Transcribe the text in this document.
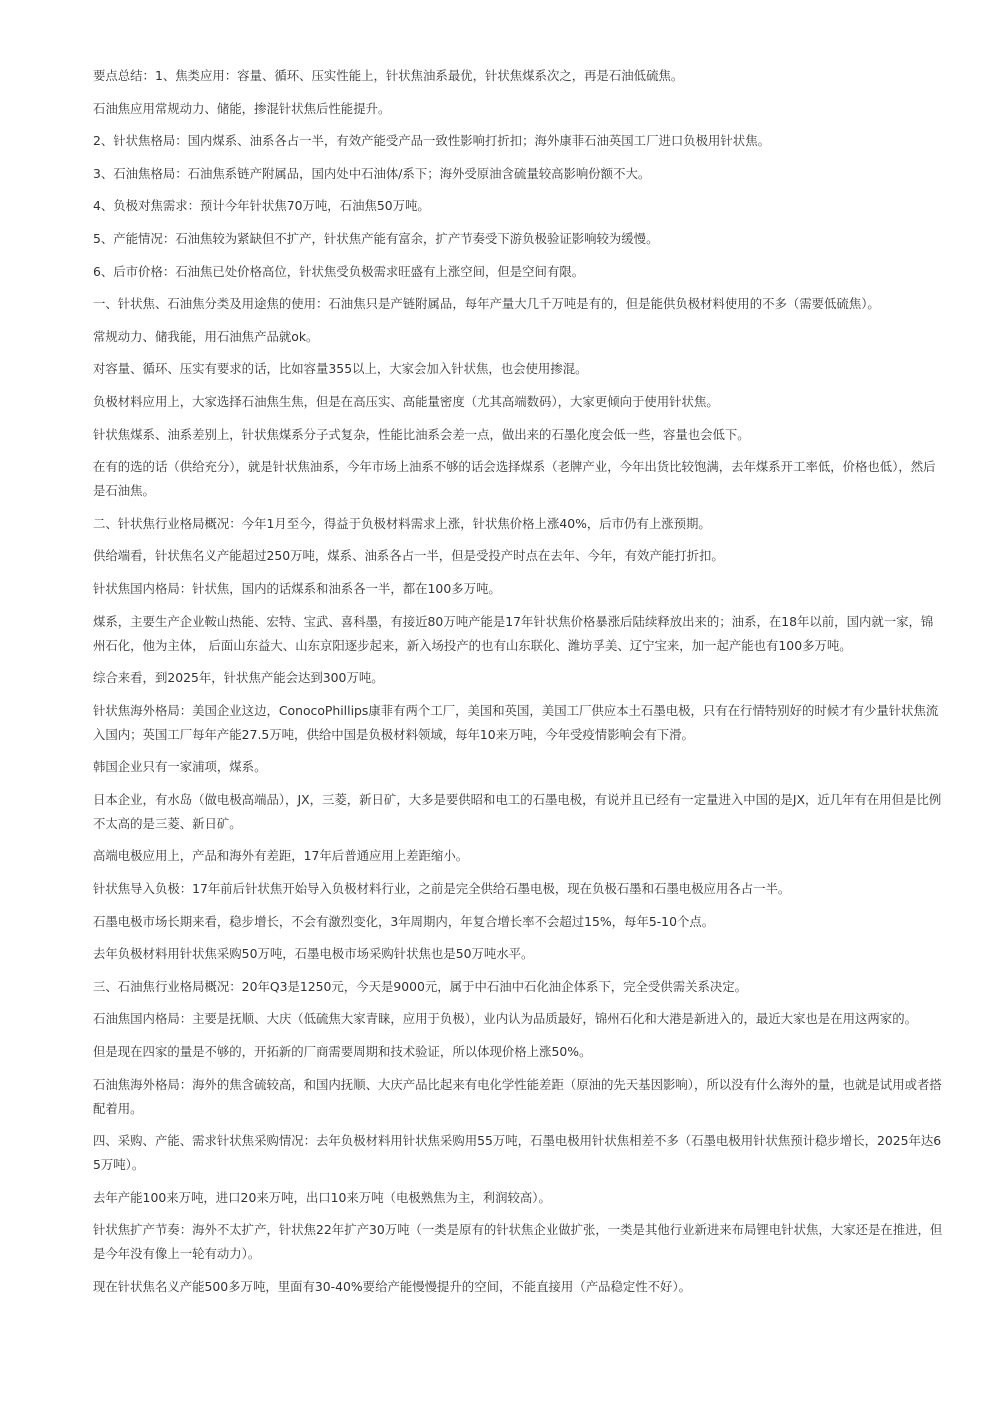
要点总结：1、焦类应用：容量、循环、压实性能上，针状焦油系最优，针状焦煤系次之，再是石油低硫焦。

石油焦应用常规动力、储能，掺混针状焦后性能提升。

2、针状焦格局：国内煤系、油系各占一半，有效产能受产品一致性影响打折扣；海外康菲石油英国工厂进口负极用针状焦。

3、石油焦格局：石油焦系链产附属品，国内处中石油体/系下；海外受原油含硫量较高影响份额不大。

4、负极对焦需求：预计今年针状焦70万吨，石油焦50万吨。

5、产能情况：石油焦较为紧缺但不扩产，针状焦产能有富余，扩产节奏受下游负极验证影响较为缓慢。

6、后市价格：石油焦已处价格高位，针状焦受负极需求旺盛有上涨空间，但是空间有限。

一、针状焦、石油焦分类及用途焦的使用：石油焦只是产链附属品，每年产量大几千万吨是有的，但是能供负极材料使用的不多（需要低硫焦）。

常规动力、储我能，用石油焦产品就ok。

对容量、循环、压实有要求的话，比如容量355以上，大家会加入针状焦，也会使用掺混。

负极材料应用上，大家选择石油焦生焦，但是在高压实、高能量密度（尤其高端数码），大家更倾向于使用针状焦。

针状焦煤系、油系差别上，针状焦煤系分子式复杂，性能比油系会差一点，做出来的石墨化度会低一些，容量也会低下。

在有的选的话（供给充分），就是针状焦油系，今年市场上油系不够的话会选择煤系（老牌产业，今年出货比较饱满，去年煤系开工率低，价格也低），然后是石油焦。

二、针状焦行业格局概况：今年1月至今，得益于负极材料需求上涨，针状焦价格上涨40%，后市仍有上涨预期。

供给端看，针状焦名义产能超过250万吨，煤系、油系各占一半，但是受投产时点在去年、今年，有效产能打折扣。

针状焦国内格局：针状焦，国内的话煤系和油系各一半，都在100多万吨。

煤系，主要生产企业鞍山热能、宏特、宝武、喜科墨，有接近80万吨产能是17年针状焦价格暴涨后陆续释放出来的；油系，在18年以前，国内就一家，锦州石化，他为主体， 后面山东益大、山东京阳逐步起来，新入场投产的也有山东联化、潍坊孚美、辽宁宝来，加一起产能也有100多万吨。

综合来看，到2025年，针状焦产能会达到300万吨。

针状焦海外格局：美国企业这边，ConocoPhillips康菲有两个工厂，美国和英国，美国工厂供应本土石墨电极，只有在行情特别好的时候才有少量针状焦流入国内；英国工厂每年产能27.5万吨，供给中国是负极材料领域，每年10来万吨，今年受疫情影响会有下滑。

韩国企业只有一家浦项，煤系。

日本企业，有水岛（做电极高端品），JX，三菱，新日矿，大多是要供昭和电工的石墨电极，有说并且已经有一定量进入中国的是JX，近几年有在用但是比例不太高的是三菱、新日矿。

高端电极应用上，产品和海外有差距，17年后普通应用上差距缩小。

针状焦导入负极：17年前后针状焦开始导入负极材料行业，之前是完全供给石墨电极，现在负极石墨和石墨电极应用各占一半。

石墨电极市场长期来看，稳步增长，不会有激烈变化，3年周期内，年复合增长率不会超过15%，每年5-10个点。

去年负极材料用针状焦采购50万吨，石墨电极市场采购针状焦也是50万吨水平。

三、石油焦行业格局概况：20年Q3是1250元，今天是9000元，属于中石油中石化油企体系下，完全受供需关系决定。

石油焦国内格局：主要是抚顺、大庆（低硫焦大家青睐，应用于负极），业内认为品质最好，锦州石化和大港是新进入的，最近大家也是在用这两家的。

但是现在四家的量是不够的，开拓新的厂商需要周期和技术验证，所以体现价格上涨50%。

石油焦海外格局：海外的焦含硫较高，和国内抚顺、大庆产品比起来有电化学性能差距（原油的先天基因影响），所以没有什么海外的量，也就是试用或者搭配着用。

四、采购、产能、需求针状焦采购情况：去年负极材料用针状焦采购用55万吨，石墨电极用针状焦相差不多（石墨电极用针状焦预计稳步增长，2025年达65万吨）。

去年产能100来万吨，进口20来万吨，出口10来万吨（电极熟焦为主，利润较高）。

针状焦扩产节奏：海外不太扩产，针状焦22年扩产30万吨（一类是原有的针状焦企业做扩张，一类是其他行业新进来布局锂电针状焦，大家还是在推进，但是今年没有像上一轮有动力）。

现在针状焦名义产能500多万吨，里面有30-40%要给产能慢慢提升的空间，不能直接用（产品稳定性不好）。
